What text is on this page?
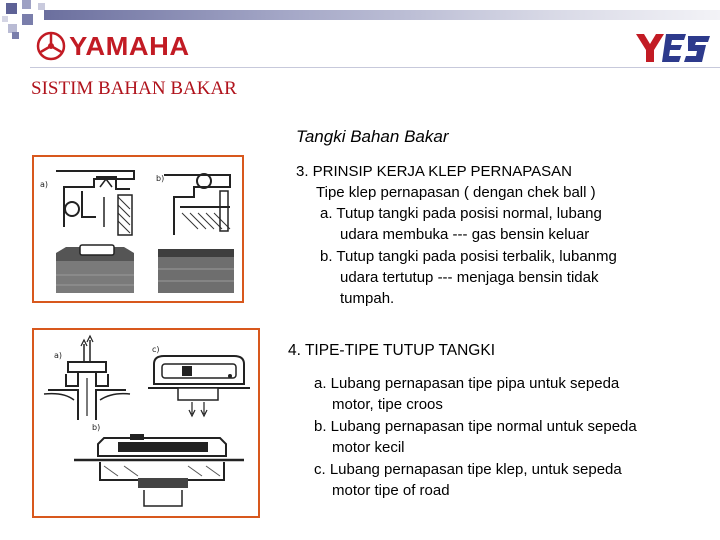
YAMAHA
SISTIM BAHAN BAKAR
Tangki Bahan Bakar
3. PRINSIP KERJA KLEP PERNAPASAN
Tipe klep pernapasan ( dengan chek ball )
a. Tutup tangki pada posisi normal, lubang
udara membuka --- gas bensin keluar
b. Tutup tangki pada posisi terbalik, lubanmg
udara tertutup --- menjaga bensin tidak
tumpah.
4. TIPE-TIPE TUTUP TANGKI
a. Lubang pernapasan tipe pipa untuk sepeda
motor, tipe croos
b. Lubang pernapasan tipe normal untuk sepeda
motor kecil
c. Lubang pernapasan tipe klep, untuk sepeda
motor tipe of road
a)
b)
a)
c)
b)
